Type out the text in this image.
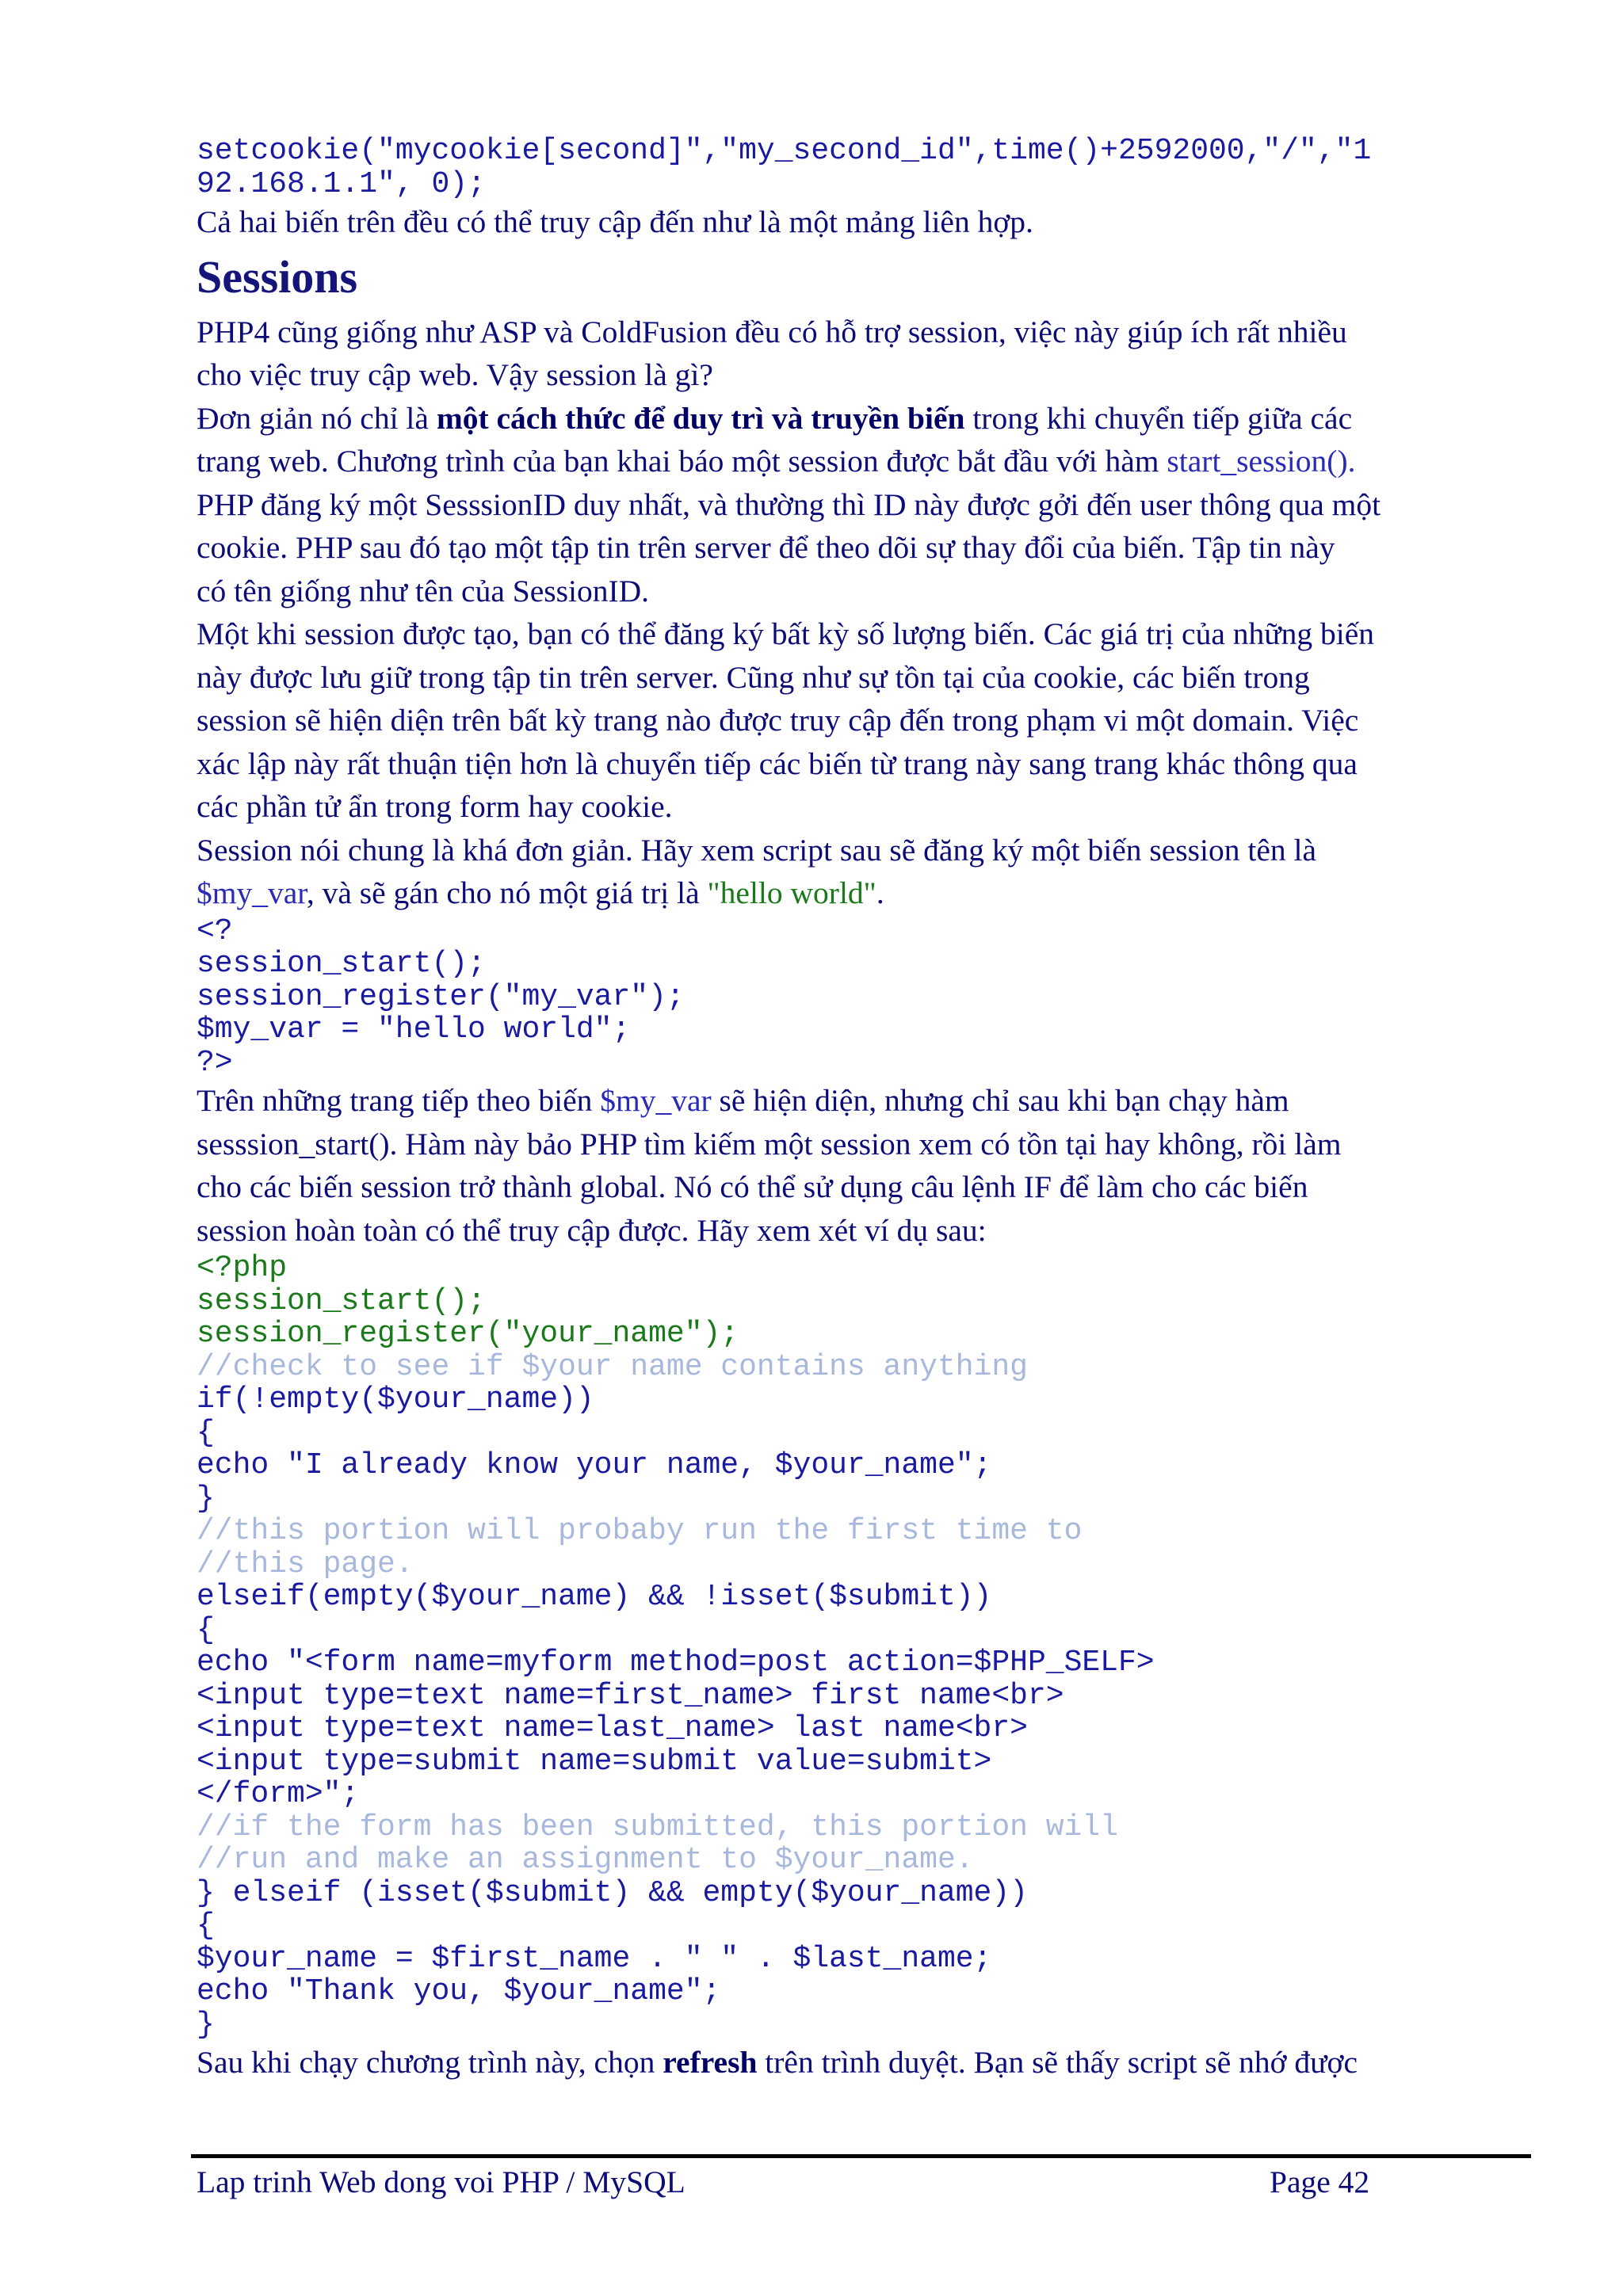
setcookie("mycookie[second]","my_second_id",time()+2592000,"/","1
92.168.1.1", 0);

Cả hai biến trên đều có thể truy cập đến như là một mảng liên hợp.

Sessions

PHP4 cũng giống như ASP và ColdFusion đều có hỗ trợ session, việc này giúp ích rất nhiều
cho việc truy cập web. Vậy session là gì?
Đơn giản nó chỉ là một cách thức để duy trì và truyền biến trong khi chuyển tiếp giữa các
trang web. Chương trình của bạn khai báo một session được bắt đầu với hàm start_session().
PHP đăng ký một SesssionID duy nhất, và thường thì ID này được gởi đến user thông qua một
cookie. PHP sau đó tạo một tập tin trên server để theo dõi sự thay đổi của biến. Tập tin này
có tên giống như tên của SessionID.
Một khi session được tạo, bạn có thể đăng ký bất kỳ số lượng biến. Các giá trị của những biến
này được lưu giữ trong tập tin trên server. Cũng như sự tồn tại của cookie, các biến trong
session sẽ hiện diện trên bất kỳ trang nào được truy cập đến trong phạm vi một domain. Việc
xác lập này rất thuận tiện hơn là chuyển tiếp các biến từ trang này sang trang khác thông qua
các phần tử ẩn trong form hay cookie.
Session nói chung là khá đơn giản. Hãy xem script sau sẽ đăng ký một biến session tên là
$my_var, và sẽ gán cho nó một giá trị là "hello world".

<?
session_start();
session_register("my_var");
$my_var = "hello world";
?>

Trên những trang tiếp theo biến $my_var sẽ hiện diện, nhưng chỉ sau khi bạn chạy hàm
sesssion_start(). Hàm này bảo PHP tìm kiếm một session xem có tồn tại hay không, rồi làm
cho các biến session trở thành global. Nó có thể sử dụng câu lệnh IF để làm cho các biến
session hoàn toàn có thể truy cập được. Hãy xem xét ví dụ sau:

<?php
session_start();
session_register("your_name");
//check to see if $your name contains anything
if(!empty($your_name))
{
echo "I already know your name, $your_name";
}
//this portion will probaby run the first time to
//this page.
elseif(empty($your_name) && !isset($submit))
{
echo "<form name=myform method=post action=$PHP_SELF>
<input type=text name=first_name> first name<br>
<input type=text name=last_name> last name<br>
<input type=submit name=submit value=submit>
</form>";
//if the form has been submitted, this portion will
//run and make an assignment to $your_name.
} elseif (isset($submit) && empty($your_name))
{
$your_name = $first_name . " " . $last_name;
echo "Thank you, $your_name";
}

Sau khi chạy chương trình này, chọn refresh trên trình duyệt. Bạn sẽ thấy script sẽ nhớ được

Lap trinh Web dong voi PHP / MySQL	Page 42
